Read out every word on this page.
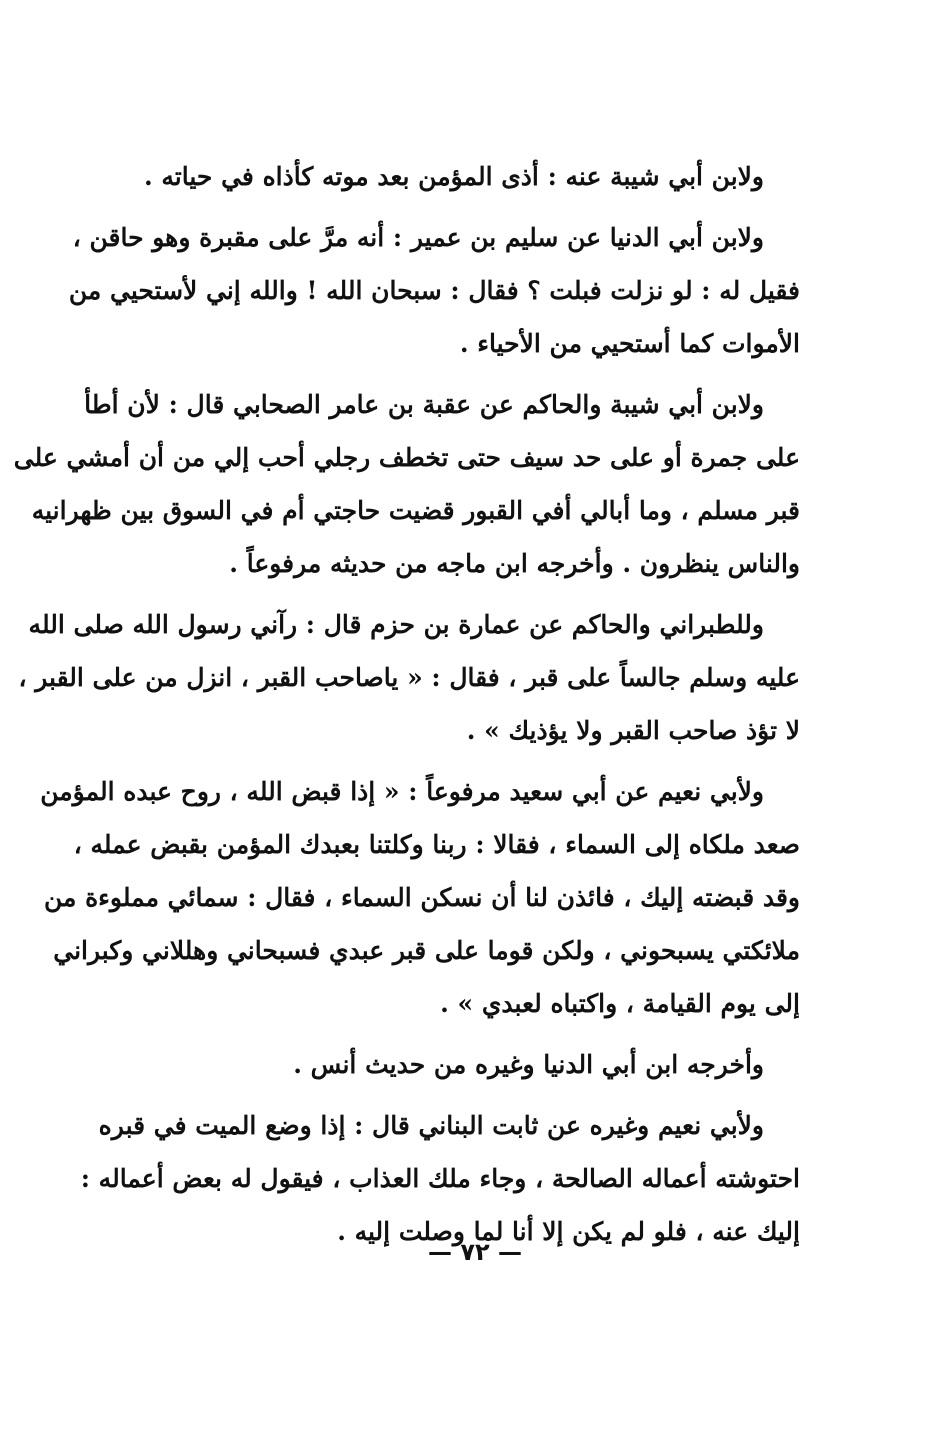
ولابن أبي شيبة عنه : أذى المؤمن بعد موته كأذاه في حياته .

ولابن أبي الدنيا عن سليم بن عمير : أنه مرَّ على مقبرة وهو حاقن ،
فقيل له : لو نزلت فبلت ؟ فقال : سبحان الله ! والله إني لأستحيي من
الأموات كما أستحيي من الأحياء .

ولابن أبي شيبة والحاكم عن عقبة بن عامر الصحابي قال : لأن أطأ
على جمرة أو على حد سيف حتى تخطف رجلي أحب إلي من أن أمشي على
قبر مسلم ، وما أبالي أفي القبور قضيت حاجتي أم في السوق بين ظهرانيه
والناس ينظرون . وأخرجه ابن ماجه من حديثه مرفوعاً .

وللطبراني والحاكم عن عمارة بن حزم قال : رآني رسول الله صلى الله
عليه وسلم جالساً على قبر ، فقال : « ياصاحب القبر ، انزل من على القبر ،
لا تؤذ صاحب القبر ولا يؤذيك » .

ولأبي نعيم عن أبي سعيد مرفوعاً : « إذا قبض الله ، روح عبده المؤمن
صعد ملكاه إلى السماء ، فقالا : ربنا وكلتنا بعبدك المؤمن بقبض عمله ،
وقد قبضته إليك ، فائذن لنا أن نسكن السماء ، فقال : سمائي مملوءة من
ملائكتي يسبحوني ، ولكن قوما على قبر عبدي فسبحاني وهللاني وكبراني
إلى يوم القيامة ، واكتباه لعبدي » .

وأخرجه ابن أبي الدنيا وغيره من حديث أنس .

ولأبي نعيم وغيره عن ثابت البناني قال : إذا وضع الميت في قبره
احتوشته أعماله الصالحة ، وجاء ملك العذاب ، فيقول له بعض أعماله :
إليك عنه ، فلو لم يكن إلا أنا لما وصلت إليه .

— ٧٢ —
